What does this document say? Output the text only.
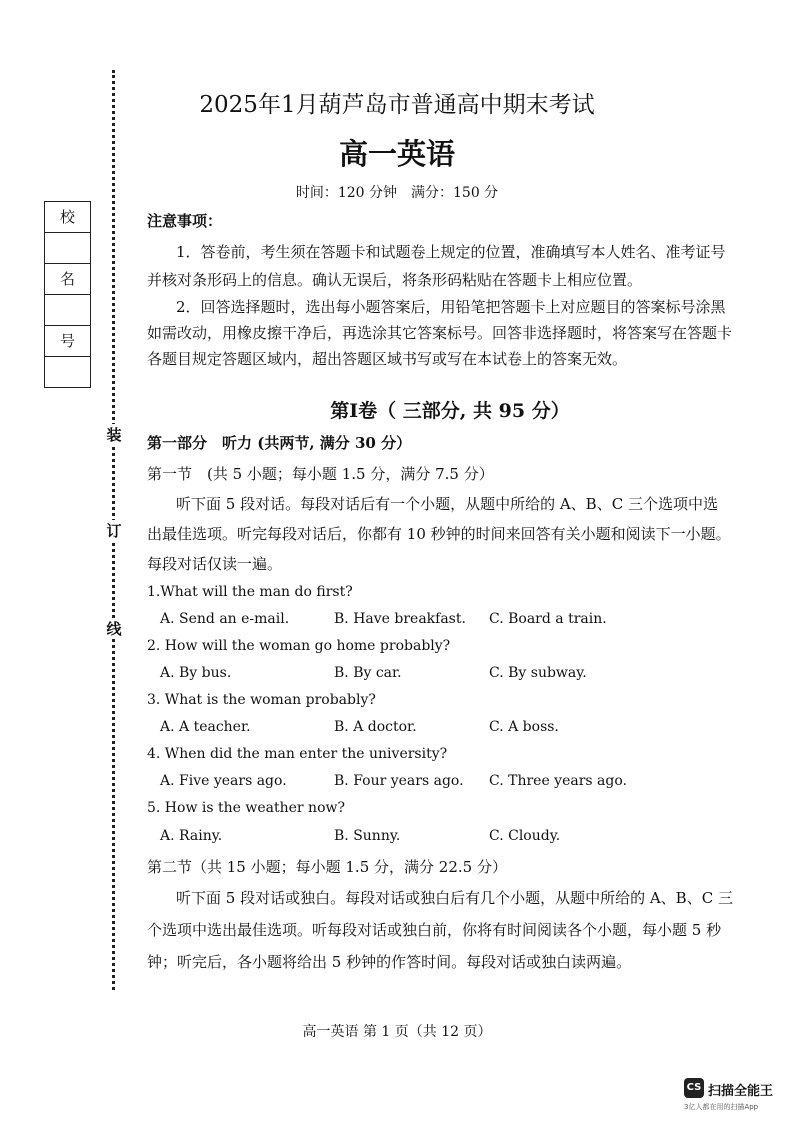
装
订
线
校
名
号
2025年1月葫芦岛市普通高中期末考试
高一英语
时间：120 分钟　满分：150 分
注意事项：
1．答卷前，考生须在答题卡和试题卷上规定的位置，准确填写本人姓名、准考证号
并核对条形码上的信息。确认无误后，将条形码粘贴在答题卡上相应位置。
2．回答选择题时，选出每小题答案后，用铅笔把答题卡上对应题目的答案标号涂黑
如需改动，用橡皮擦干净后，再选涂其它答案标号。回答非选择题时，将答案写在答题卡
各题目规定答题区域内，超出答题区域书写或写在本试卷上的答案无效。
第Ⅰ卷（ 三部分, 共 95 分）
第一部分　听力 (共两节, 满分 30 分）
第一节　(共 5 小题；每小题 1.5 分，满分 7.5 分）
听下面 5 段对话。每段对话后有一个小题，从题中所给的 A、B、C 三个选项中选
出最佳选项。听完每段对话后，你都有 10 秒钟的时间来回答有关小题和阅读下一小题。
每段对话仅读一遍。
1.What will the man do first?
A. Send an e-mail.	B. Have breakfast. C. Board a train.
2. How will the woman go home probably?
A. By bus.	B. By car.	C. By subway.
3. What is the woman probably?
A. A teacher.	B. A doctor.	C. A boss.
4. When did the man enter the university?
A. Five years ago.	B. Four years ago. C. Three years ago.
5. How is the weather now?
A. Rainy.	B. Sunny.	C. Cloudy.
第二节（共 15 小题；每小题 1.5 分，满分 22.5 分）
听下面 5 段对话或独白。每段对话或独白后有几个小题，从题中所给的 A、B、C 三
个选项中选出最佳选项。听每段对话或独白前，你将有时间阅读各个小题，每小题 5 秒
钟；听完后，各小题将给出 5 秒钟的作答时间。每段对话或独白读两遍。
高一英语 第 1 页（共 12 页）
CS 扫描全能王
3亿人都在用的扫描App
